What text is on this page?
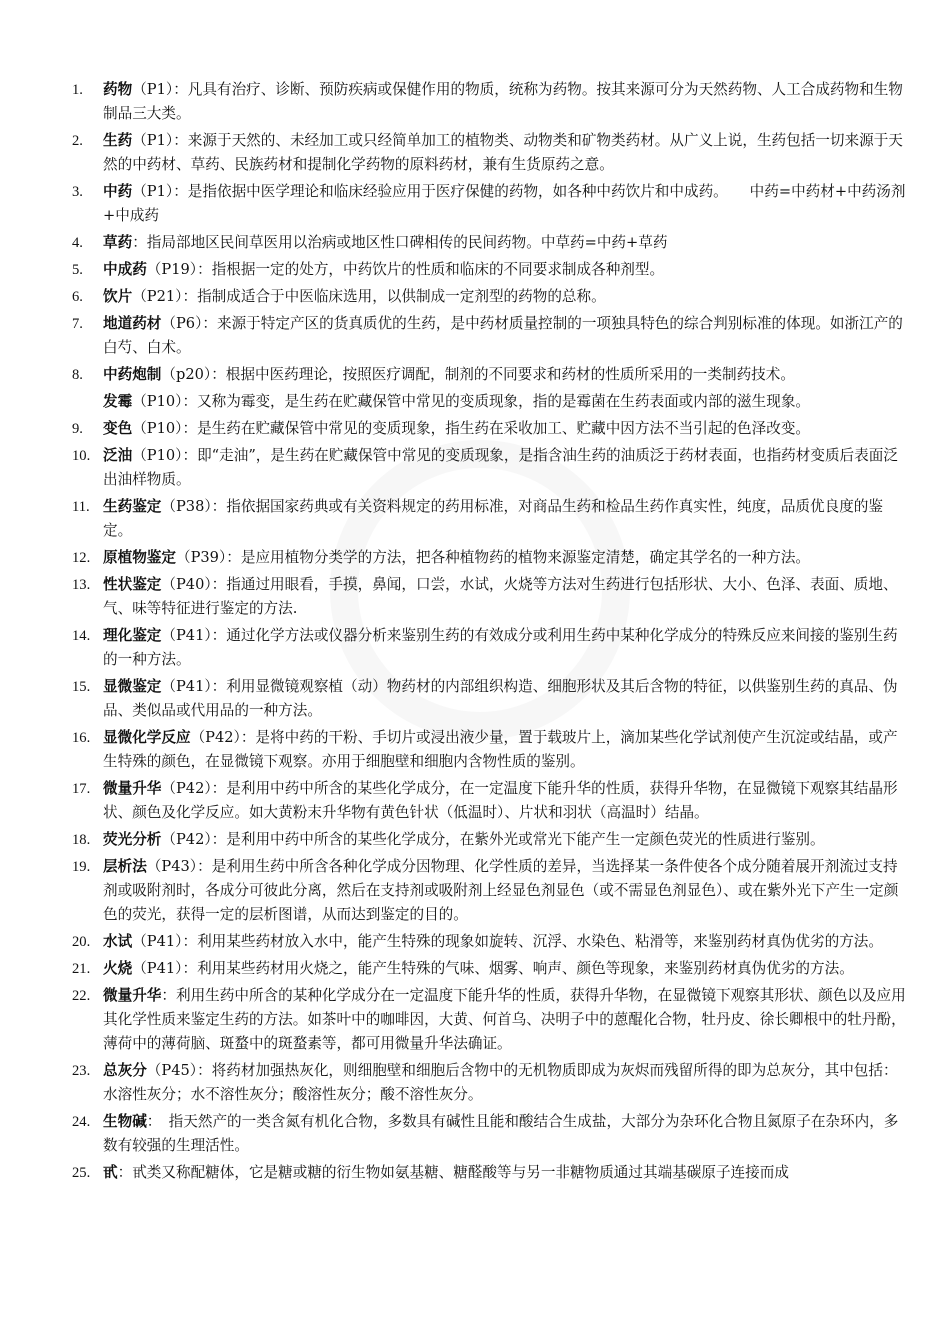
1. 药物（P1）：凡具有治疗、诊断、预防疾病或保健作用的物质，统称为药物。按其来源可分为天然药物、人工合成药物和生物制品三大类。
2. 生药（P1）：来源于天然的、未经加工或只经简单加工的植物类、动物类和矿物类药材。从广义上说，生药包括一切来源于天然的中药材、草药、民族药材和提制化学药物的原料药材，兼有生货原药之意。
3. 中药（P1）：是指依据中医学理论和临床经验应用于医疗保健的药物，如各种中药饮片和中成药。　　中药=中药材+中药汤剂+中成药
4. 草药：指局部地区民间草医用以治病或地区性口碑相传的民间药物。中草药=中药+草药
5. 中成药（P19）：指根据一定的处方，中药饮片的性质和临床的不同要求制成各种剂型。
6. 饮片（P21）：指制成适合于中医临床选用，以供制成一定剂型的药物的总称。
7. 地道药材（P6）：来源于特定产区的货真质优的生药，是中药材质量控制的一项独具特色的综合判别标准的体现。如浙江产的白芍、白术。
8. 中药炮制（p20）：根据中医药理论，按照医疗调配，制剂的不同要求和药材的性质所采用的一类制药技术。
发霉（P10）：又称为霉变，是生药在贮藏保管中常见的变质现象，指的是霉菌在生药表面或内部的滋生现象。
9. 变色（P10）：是生药在贮藏保管中常见的变质现象，指生药在采收加工、贮藏中因方法不当引起的色泽改变。
10. 泛油（P10）：即“走油”，是生药在贮藏保管中常见的变质现象，是指含油生药的油质泛于药材表面，也指药材变质后表面泛出油样物质。
11. 生药鉴定（P38）：指依据国家药典或有关资料规定的药用标准，对商品生药和检品生药作真实性，纯度，品质优良度的鉴定。
12. 原植物鉴定（P39）：是应用植物分类学的方法，把各种植物药的植物来源鉴定清楚，确定其学名的一种方法。
13. 性状鉴定（P40）：指通过用眼看，手摸，鼻闻，口尝，水试，火烧等方法对生药进行包括形状、大小、色泽、表面、质地、气、味等特征进行鉴定的方法.
14. 理化鉴定（P41）：通过化学方法或仪器分析来鉴别生药的有效成分或利用生药中某种化学成分的特殊反应来间接的鉴别生药的一种方法。
15. 显微鉴定（P41）：利用显微镜观察植（动）物药材的内部组织构造、细胞形状及其后含物的特征，以供鉴别生药的真品、伪品、类似品或代用品的一种方法。
16. 显微化学反应（P42）：是将中药的干粉、手切片或浸出液少量，置于载玻片上，滴加某些化学试剂使产生沉淀或结晶，或产生特殊的颜色，在显微镜下观察。亦用于细胞壁和细胞内含物性质的鉴别。
17. 微量升华（P42）：是利用中药中所含的某些化学成分，在一定温度下能升华的性质，获得升华物，在显微镜下观察其结晶形状、颜色及化学反应。如大黄粉末升华物有黄色针状（低温时）、片状和羽状（高温时）结晶。
18. 荧光分析（P42）：是利用中药中所含的某些化学成分，在紫外光或常光下能产生一定颜色荧光的性质进行鉴别。
19. 层析法（P43）：是利用生药中所含各种化学成分因物理、化学性质的差异，当选择某一条件使各个成分随着展开剂流过支持剂或吸附剂时，各成分可彼此分离，然后在支持剂或吸附剂上经显色剂显色（或不需显色剂显色）、或在紫外光下产生一定颜色的荧光，获得一定的层析图谱，从而达到鉴定的目的。
20. 水试（P41）：利用某些药材放入水中，能产生特殊的现象如旋转、沉浮、水染色、粘滑等，来鉴别药材真伪优劣的方法。
21. 火烧（P41）：利用某些药材用火烧之，能产生特殊的气味、烟雾、响声、颜色等现象，来鉴别药材真伪优劣的方法。
22. 微量升华：利用生药中所含的某种化学成分在一定温度下能升华的性质，获得升华物，在显微镜下观察其形状、颜色以及应用其化学性质来鉴定生药的方法。如茶叶中的咖啡因，大黄、何首乌、决明子中的蒽醌化合物，牡丹皮、徐长卿根中的牡丹酚，薄荷中的薄荷脑、斑蝥中的斑蝥素等，都可用微量升华法确证。
23. 总灰分（P45）：将药材加强热灰化，则细胞壁和细胞后含物中的无机物质即成为灰烬而残留所得的即为总灰分，其中包括：水溶性灰分；水不溶性灰分；酸溶性灰分；酸不溶性灰分。
24. 生物碱：　指天然产的一类含氮有机化合物，多数具有碱性且能和酸结合生成盐，大部分为杂环化合物且氮原子在杂环内，多数有较强的生理活性。
25. 甙：甙类又称配糖体，它是糖或糖的衍生物如氨基糖、糖醛酸等与另一非糖物质通过其端基碳原子连接而成
